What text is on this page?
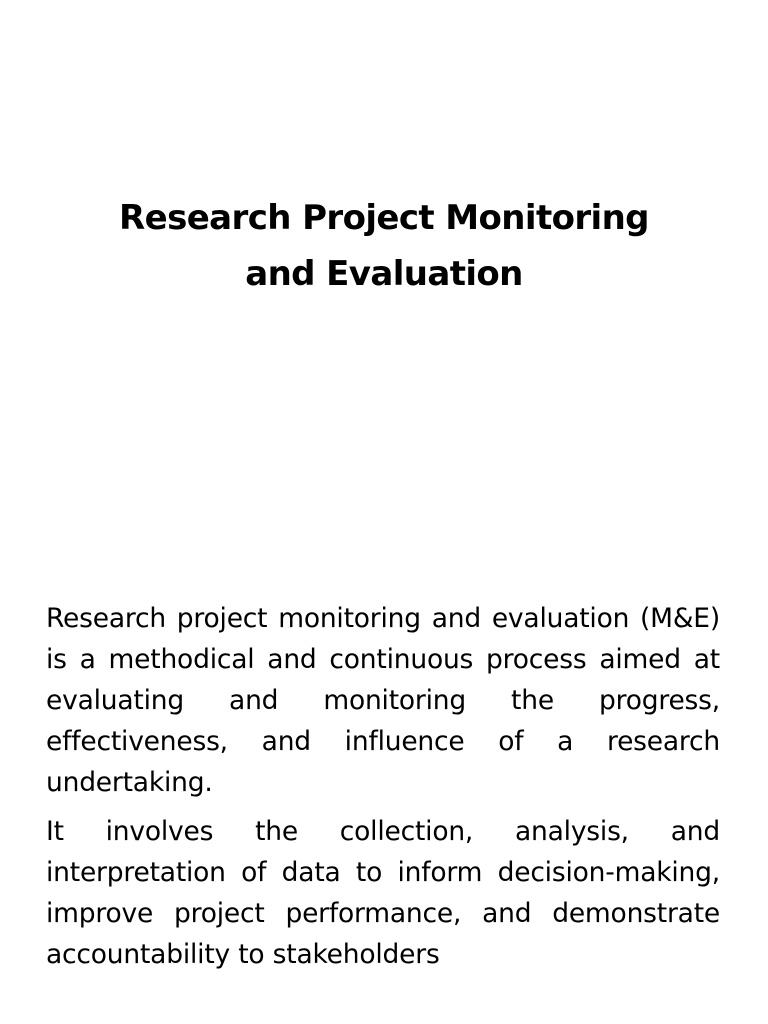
Research Project Monitoring
and Evaluation

Research project monitoring and evaluation (M&E) is a methodical and continuous process aimed at evaluating and monitoring the progress, effectiveness, and influence of a research undertaking.

It involves the collection, analysis, and interpretation of data to inform decision-making, improve project performance, and demonstrate accountability to stakeholders
